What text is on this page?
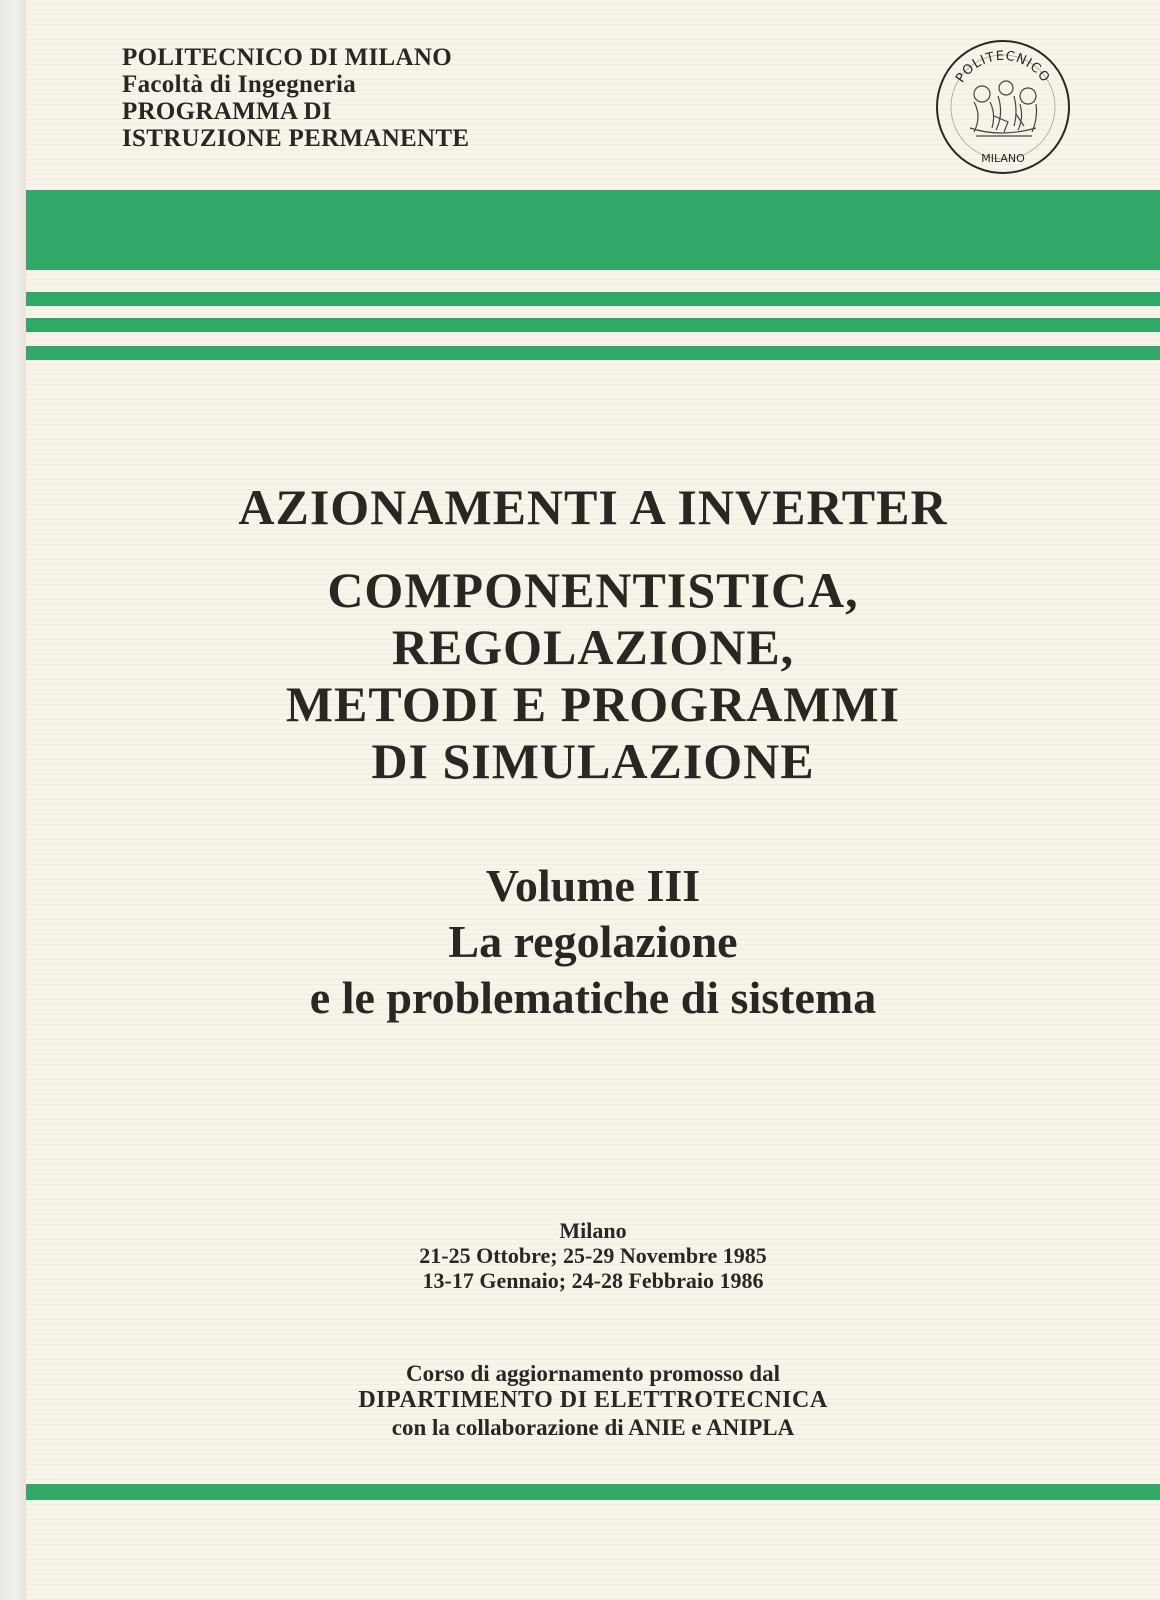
POLITECNICO DI MILANO
Facoltà di Ingegneria
PROGRAMMA DI
ISTRUZIONE PERMANENTE
POLITECNICO
MILANO
AZIONAMENTI A INVERTER
COMPONENTISTICA,
REGOLAZIONE,
METODI E PROGRAMMI
DI SIMULAZIONE
Volume III
La regolazione
e le problematiche di sistema
Milano
21-25 Ottobre; 25-29 Novembre 1985
13-17 Gennaio; 24-28 Febbraio 1986
Corso di aggiornamento promosso dal
DIPARTIMENTO DI ELETTROTECNICA
con la collaborazione di ANIE e ANIPLA
